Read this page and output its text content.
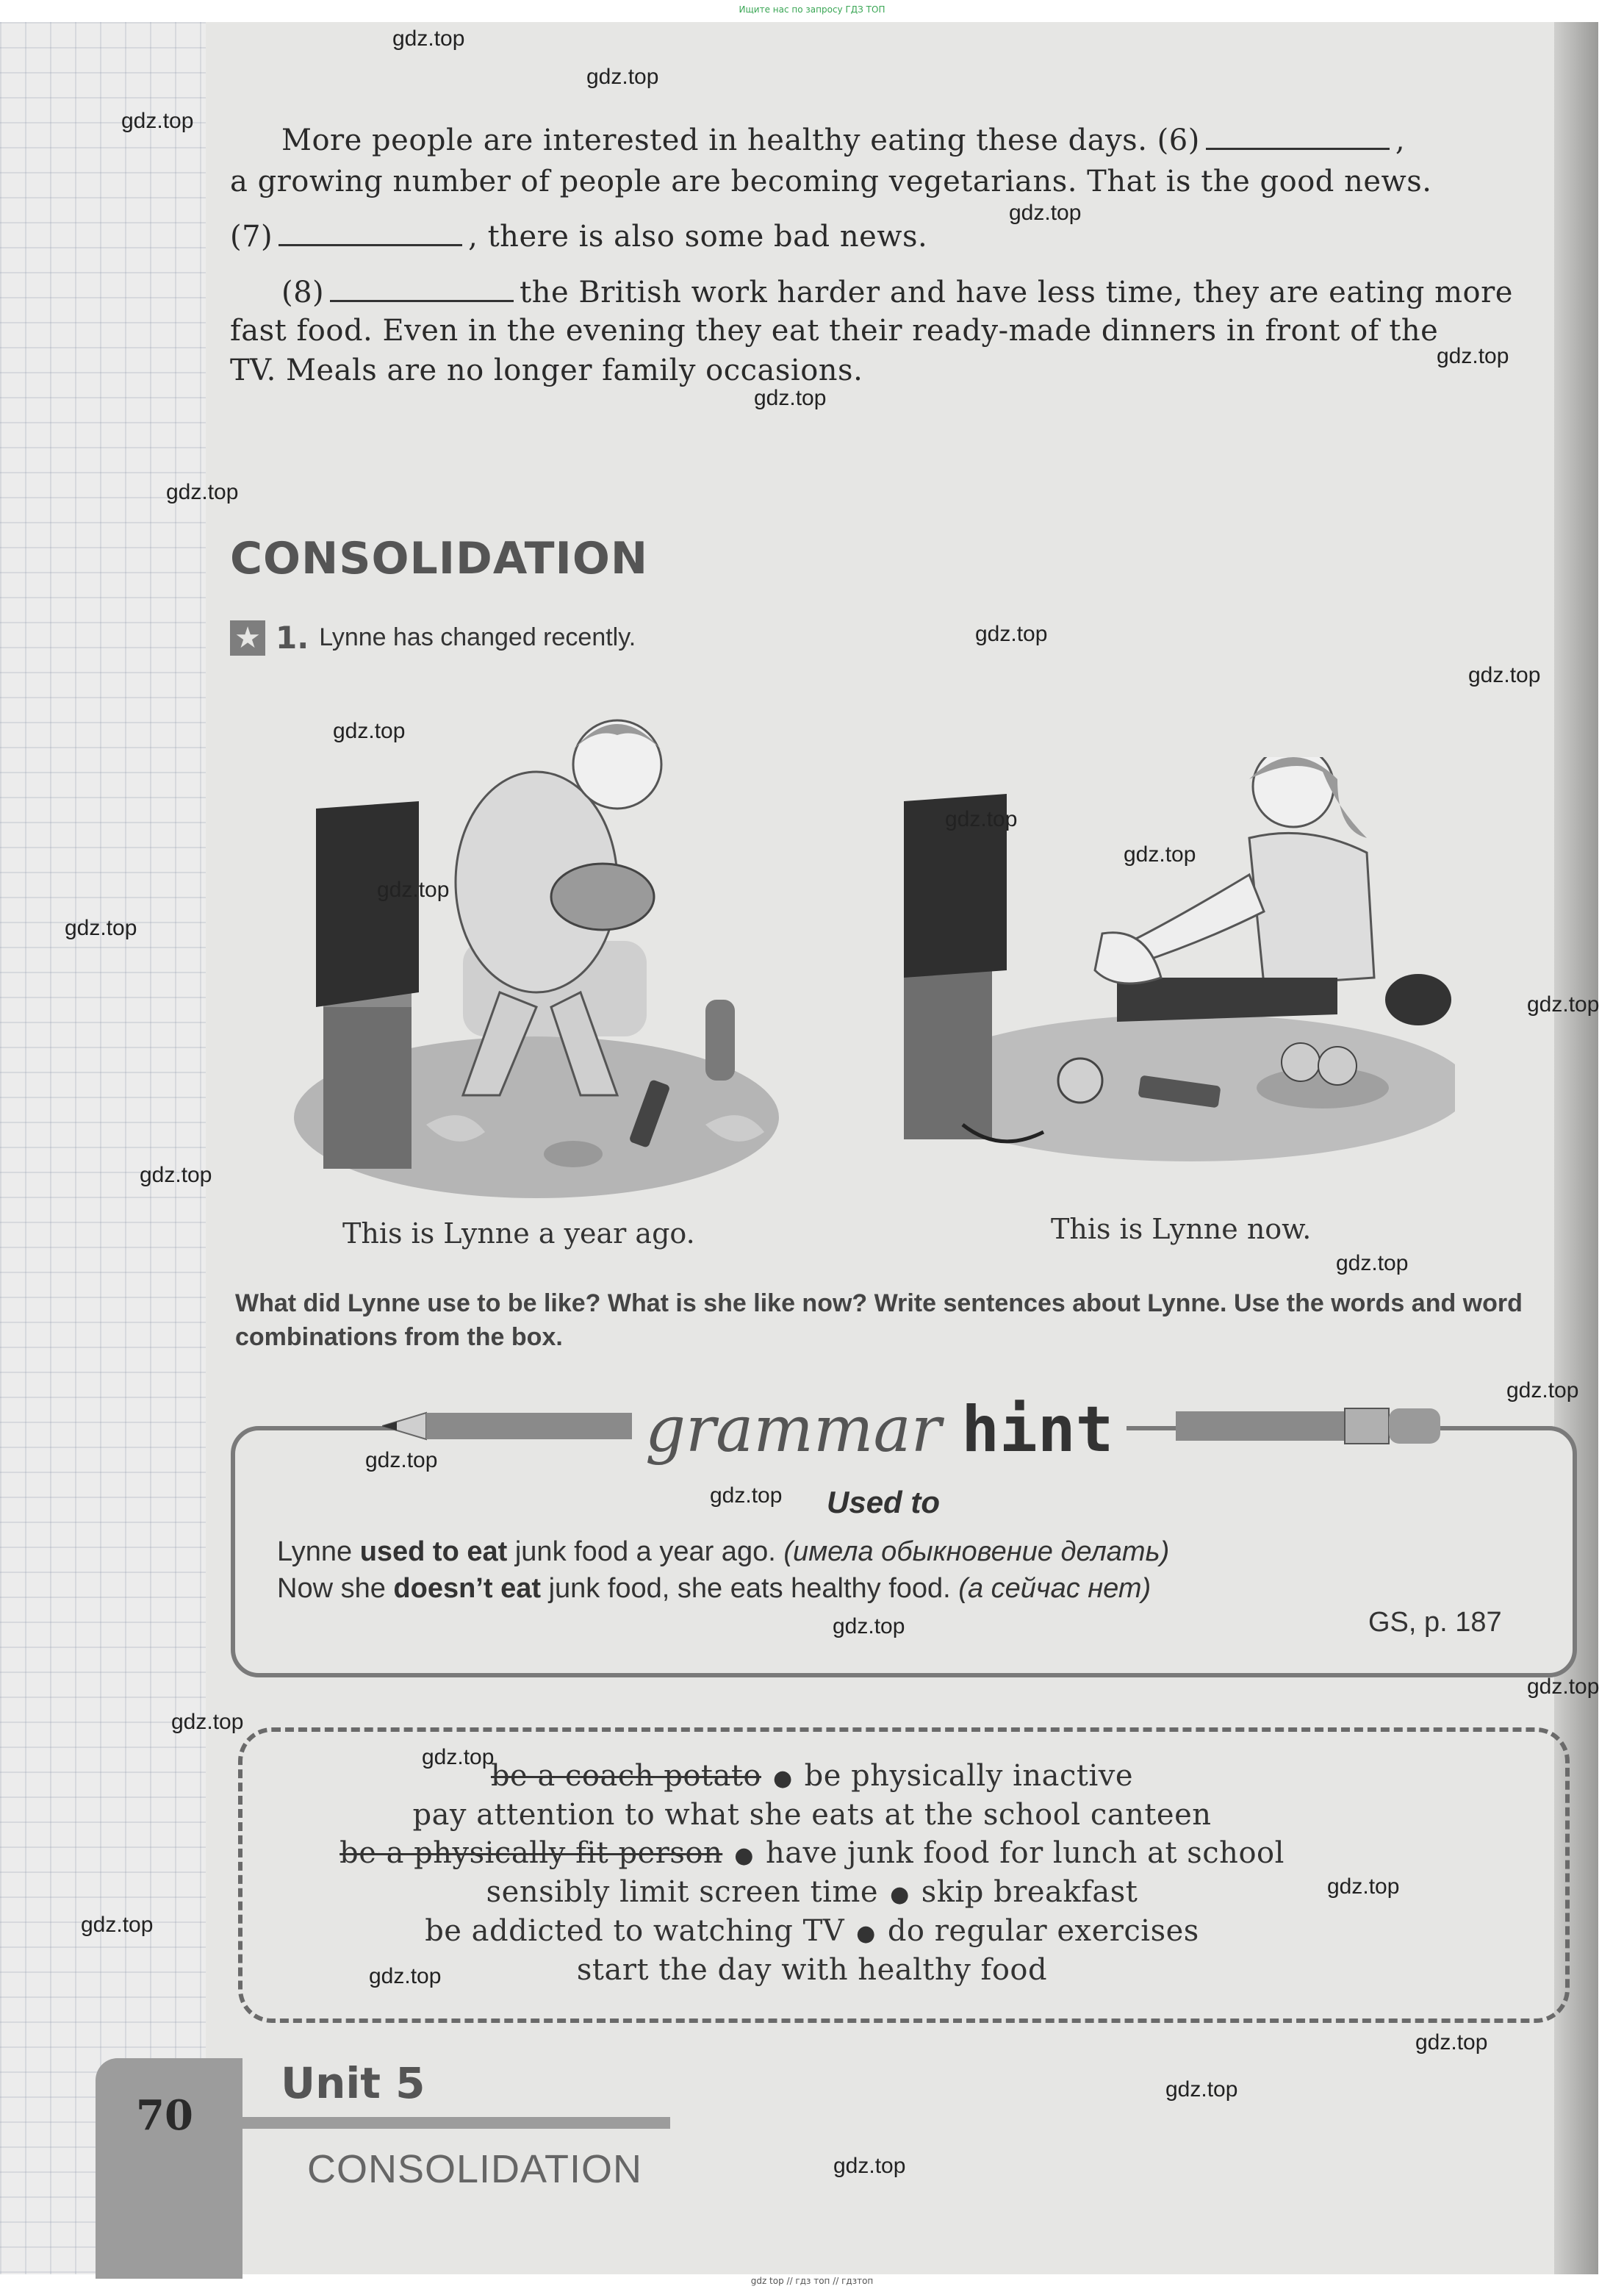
Ищите нас по запросу ГДЗ ТОП
More people are interested in healthy eating these days. (6)	,
a growing number of people are becoming vegetarians. That is the good news.
(7)	, there is also some bad news.
(8)	the British work harder and have less time, they are eating more
fast food. Even in the evening they eat their ready-made dinners in front of the
TV. Meals are no longer family occasions.
CONSOLIDATION
★ 1. Lynne has changed recently.
This is Lynne a year ago.	This is Lynne now.
What did Lynne use to be like? What is she like now? Write sentences about Lynne. Use the words and word combinations from the box.
grammar hint
Used to
Lynne used to eat junk food a year ago. (имела обыкновение делать)
Now she doesn’t eat junk food, she eats healthy food. (а сейчас нет)
GS, p. 187
be a coach potato ● be physically inactive
pay attention to what she eats at the school canteen
be a physically fit person ● have junk food for lunch at school
sensibly limit screen time ● skip breakfast
be addicted to watching TV ● do regular exercises
start the day with healthy food
70
Unit 5
CONSOLIDATION
gdz.top
gdz.top
gdz.top
gdz.top
gdz.top
gdz.top
gdz.top
gdz.top
gdz.top
gdz.top
gdz.top
gdz.top
gdz.top
gdz.top
gdz.top
gdz.top
gdz.top
gdz.top
gdz.top
gdz.top
gdz.top
gdz.top
gdz.top
gdz.top
gdz.top
gdz.top
gdz.top
gdz.top
gdz.top
gdz.top
gdz top // гдз топ // гдзтоп
